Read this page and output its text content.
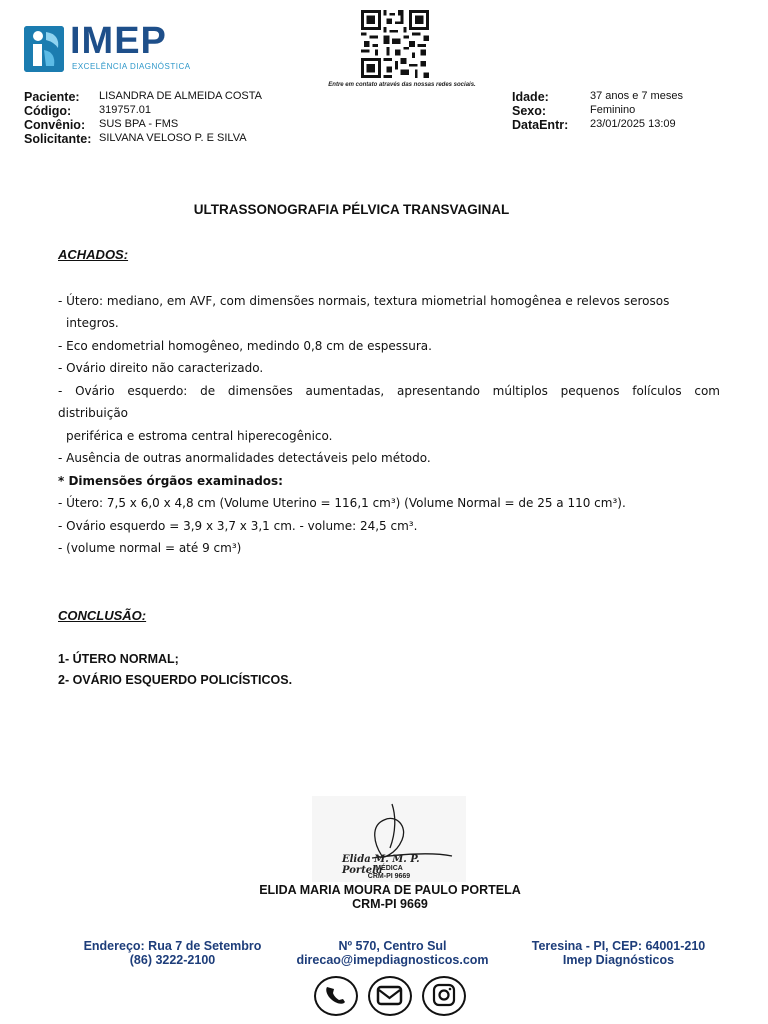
IMEP
EXCELÊNCIA DIAGNÓSTICA
Entre em contato através das nossas redes sociais.
Paciente:
Código:
Convênio:
Solicitante:
LISANDRA DE ALMEIDA COSTA
319757.01
SUS BPA - FMS
SILVANA VELOSO P. E SILVA
Idade:
Sexo:
DataEntr:
37 anos e 7 meses
Feminino
23/01/2025 13:09
ULTRASSONOGRAFIA PÉLVICA TRANSVAGINAL
ACHADOS:
- Útero: mediano, em AVF, com dimensões normais, textura miometrial homogênea e relevos serosos
integros.
- Eco endometrial homogêneo, medindo 0,8 cm de espessura.
- Ovário direito não caracterizado.
- Ovário esquerdo: de dimensões aumentadas, apresentando múltiplos pequenos folículos com
distribuição
periférica e estroma central hiperecogênico.
- Ausência de outras anormalidades detectáveis pelo método.
* Dimensões órgãos examinados:
- Útero: 7,5 x 6,0 x 4,8 cm (Volume Uterino = 116,1 cm³) (Volume Normal = de 25 a 110 cm³).
- Ovário esquerdo = 3,9 x 3,7 x 3,1 cm. - volume: 24,5 cm³.
- (volume normal = até 9 cm³)
CONCLUSÃO:
1- ÚTERO NORMAL;
2- OVÁRIO ESQUERDO POLICÍSTICOS.
Elida M. M. P. Portela
MÉDICA
CRM-PI 9669
ELIDA MARIA MOURA DE PAULO PORTELA
CRM-PI 9669
Endereço: Rua 7 de Setembro
(86) 3222-2100
Nº 570, Centro Sul
direcao@imepdiagnosticos.com
Teresina - PI, CEP: 64001-210
Imep Diagnósticos
